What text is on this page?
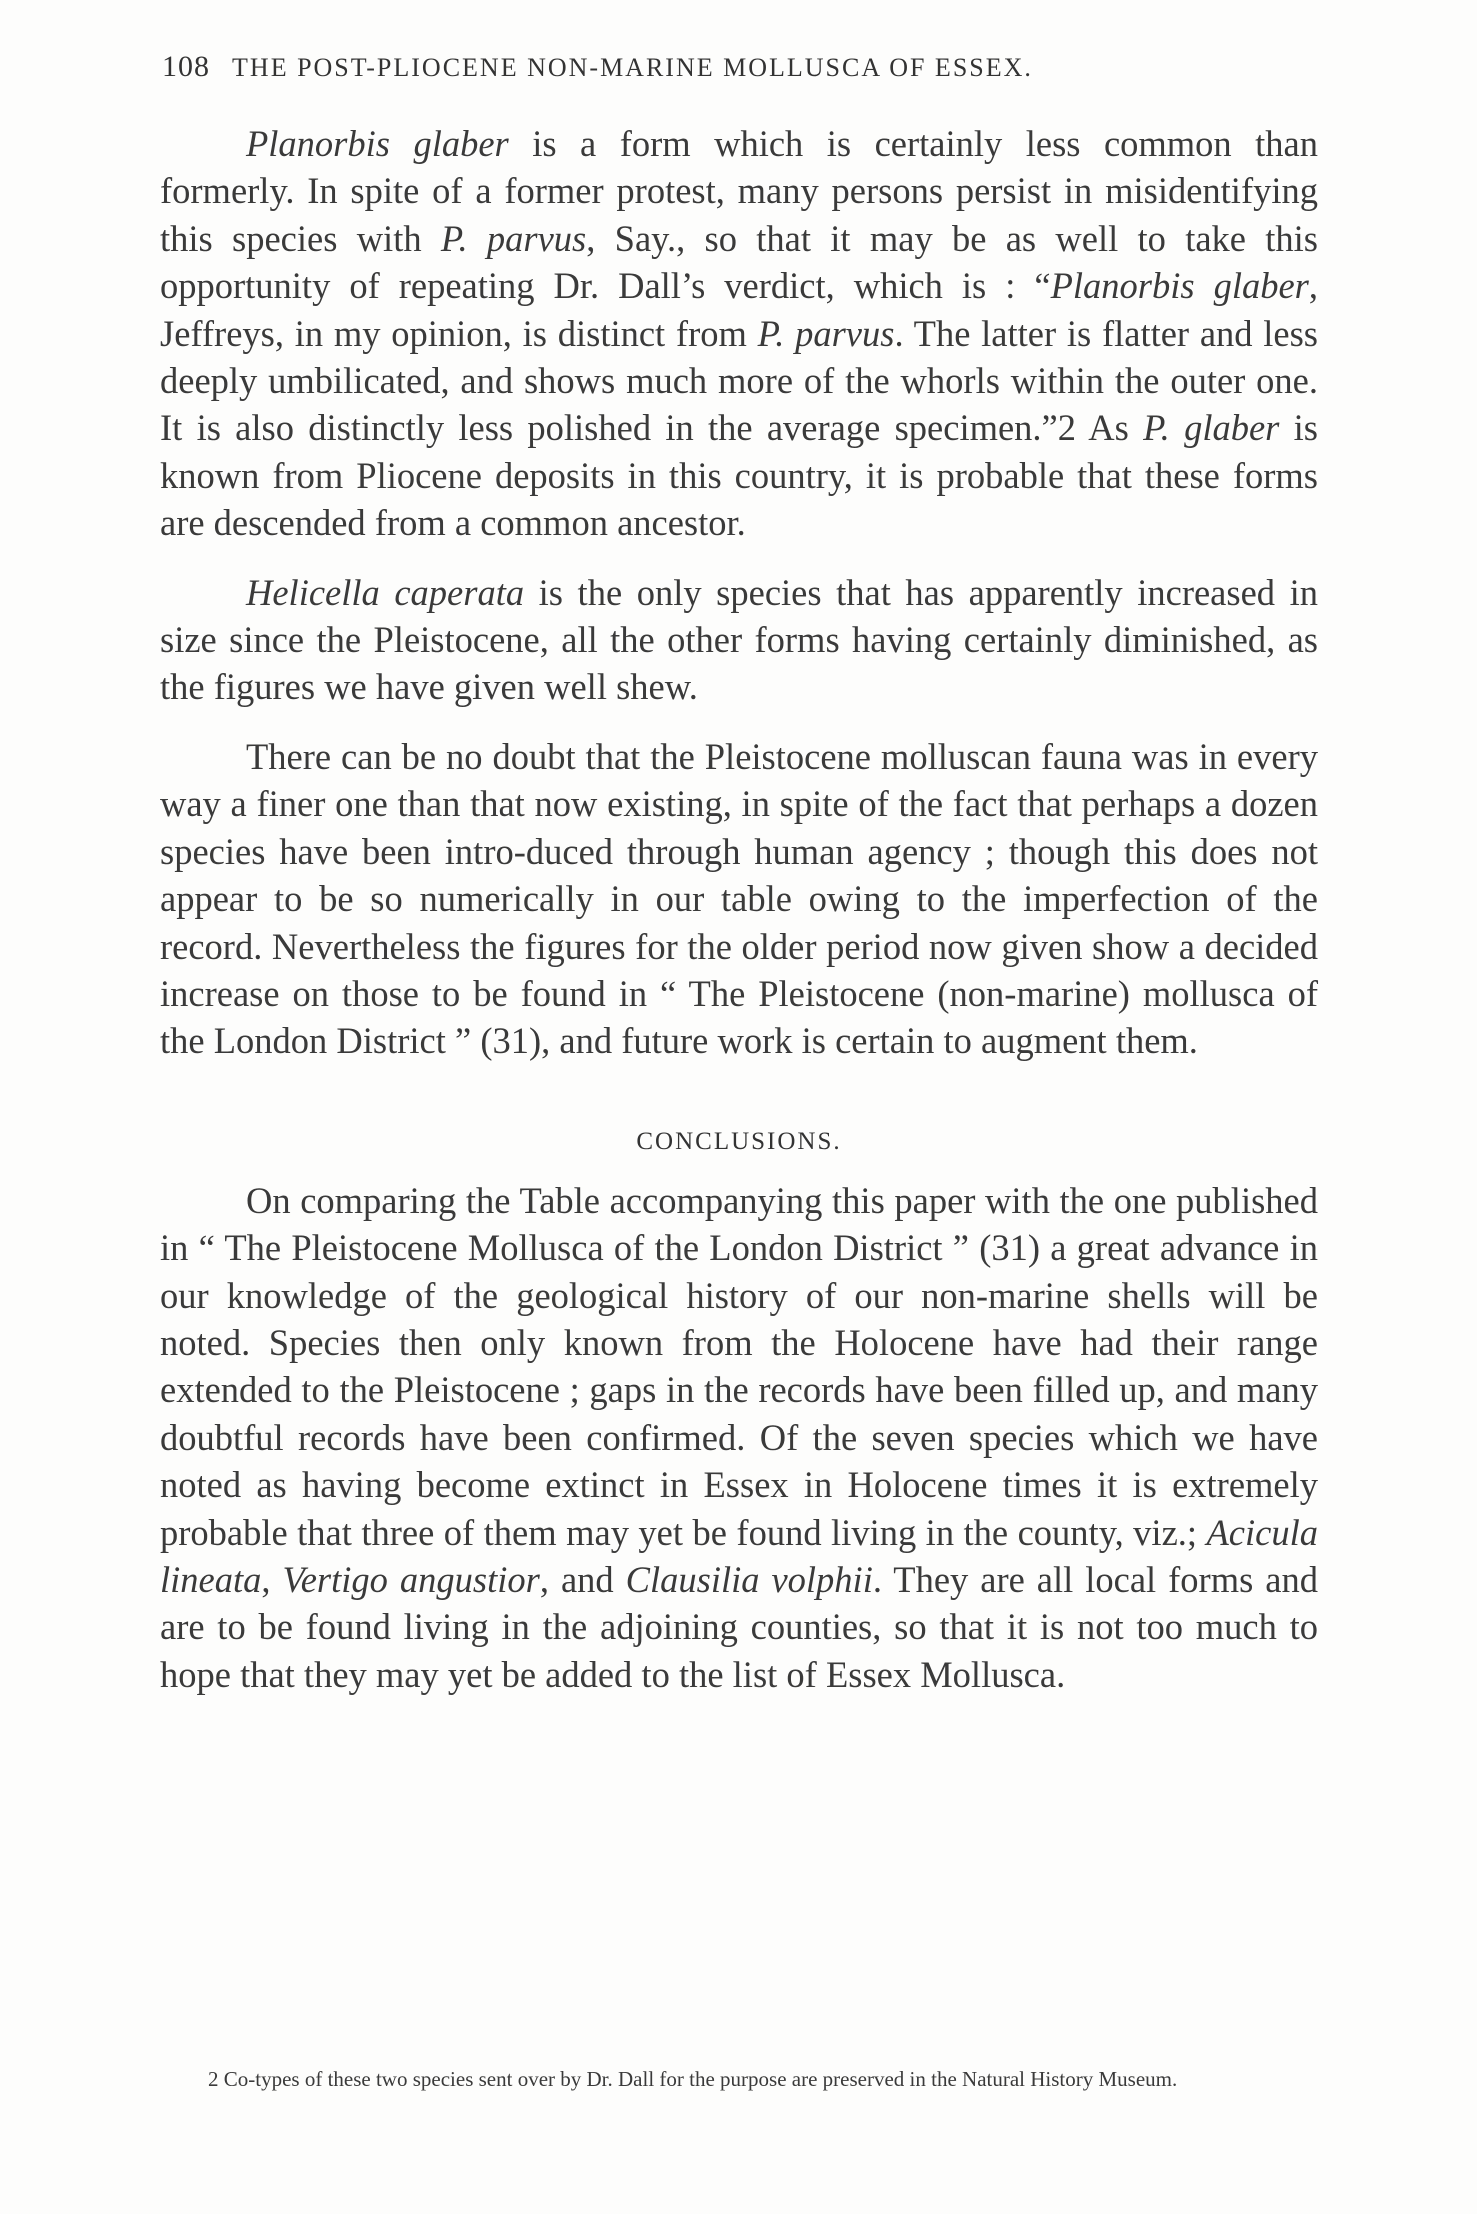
108 THE POST-PLIOCENE NON-MARINE MOLLUSCA OF ESSEX.

Planorbis glaber is a form which is certainly less common than formerly. In spite of a former protest, many persons persist in misidentifying this species with P. parvus, Say., so that it may be as well to take this opportunity of repeating Dr. Dall’s verdict, which is : “Planorbis glaber, Jeffreys, in my opinion, is distinct from P. parvus. The latter is flatter and less deeply umbilicated, and shows much more of the whorls within the outer one. It is also distinctly less polished in the average specimen.”2 As P. glaber is known from Pliocene deposits in this country, it is probable that these forms are descended from a common ancestor.

Helicella caperata is the only species that has apparently increased in size since the Pleistocene, all the other forms having certainly diminished, as the figures we have given well shew.

There can be no doubt that the Pleistocene molluscan fauna was in every way a finer one than that now existing, in spite of the fact that perhaps a dozen species have been intro-duced through human agency ; though this does not appear to be so numerically in our table owing to the imperfection of the record. Nevertheless the figures for the older period now given show a decided increase on those to be found in “ The Pleistocene (non-marine) mollusca of the London District ” (31), and future work is certain to augment them.

CONCLUSIONS.

On comparing the Table accompanying this paper with the one published in “ The Pleistocene Mollusca of the London District ” (31) a great advance in our knowledge of the geological history of our non-marine shells will be noted. Species then only known from the Holocene have had their range extended to the Pleistocene ; gaps in the records have been filled up, and many doubtful records have been confirmed. Of the seven species which we have noted as having become extinct in Essex in Holocene times it is extremely probable that three of them may yet be found living in the county, viz.; Acicula lineata, Vertigo angustior, and Clausilia volphii. They are all local forms and are to be found living in the adjoining counties, so that it is not too much to hope that they may yet be added to the list of Essex Mollusca.

2 Co-types of these two species sent over by Dr. Dall for the purpose are preserved in the Natural History Museum.
